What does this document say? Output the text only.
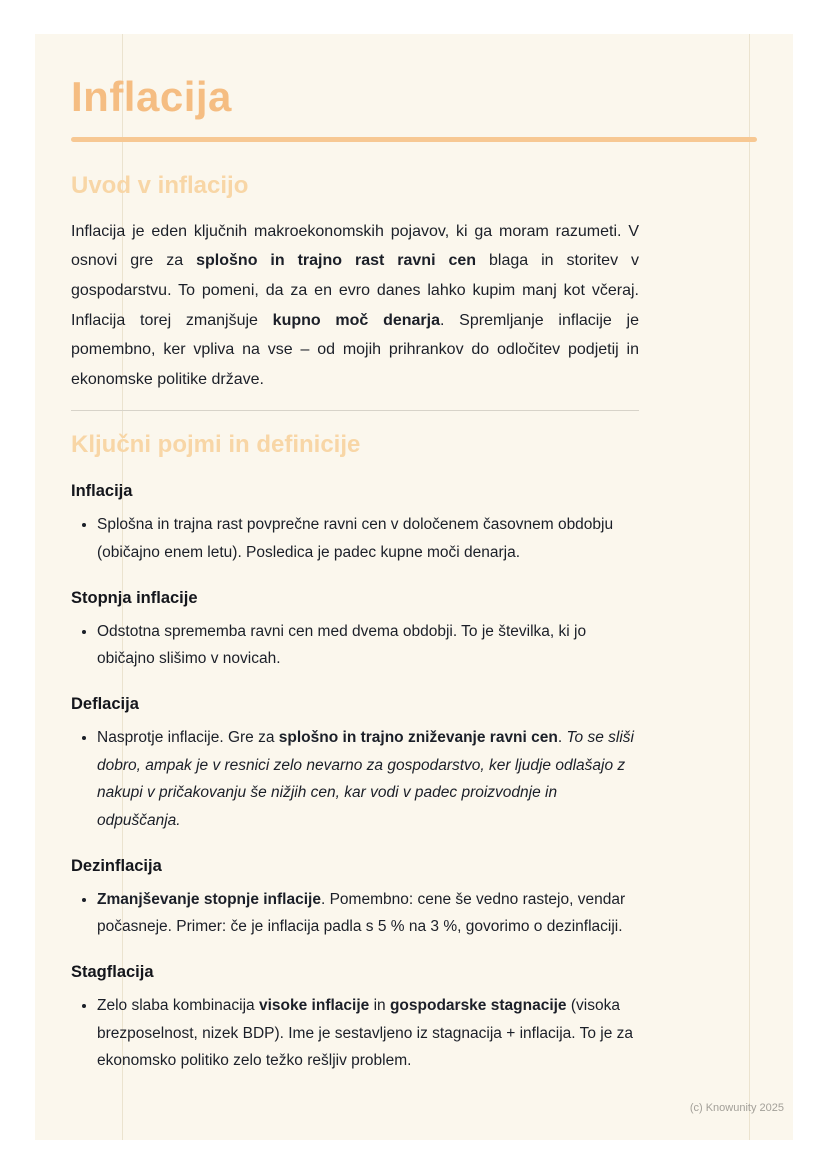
Inflacija
Uvod v inflacijo

Inflacija je eden ključnih makroekonomskih pojavov, ki ga moram razumeti. V osnovi gre za splošno in trajno rast ravni cen blaga in storitev v gospodarstvu. To pomeni, da za en evro danes lahko kupim manj kot včeraj. Inflacija torej zmanjšuje kupno moč denarja. Spremljanje inflacije je pomembno, ker vpliva na vse – od mojih prihrankov do odločitev podjetij in ekonomske politike države.

Ključni pojmi in definicije
Inflacija
• Splošna in trajna rast povprečne ravni cen v določenem časovnem obdobju (običajno enem letu). Posledica je padec kupne moči denarja.
Stopnja inflacije
• Odstotna sprememba ravni cen med dvema obdobji. To je številka, ki jo običajno slišimo v novicah.
Deflacija
• Nasprotje inflacije. Gre za splošno in trajno zniževanje ravni cen. To se sliši dobro, ampak je v resnici zelo nevarno za gospodarstvo, ker ljudje odlašajo z nakupi v pričakovanju še nižjih cen, kar vodi v padec proizvodnje in odpuščanja.
Dezinflacija
• Zmanjševanje stopnje inflacije. Pomembno: cene še vedno rastejo, vendar počasneje. Primer: če je inflacija padla s 5 % na 3 %, govorimo o dezinflaciji.
Stagflacija
• Zelo slaba kombinacija visoke inflacije in gospodarske stagnacije (visoka brezposelnost, nizek BDP). Ime je sestavljeno iz stagnacija + inflacija. To je za ekonomsko politiko zelo težko rešljiv problem.
(c) Knowunity 2025
